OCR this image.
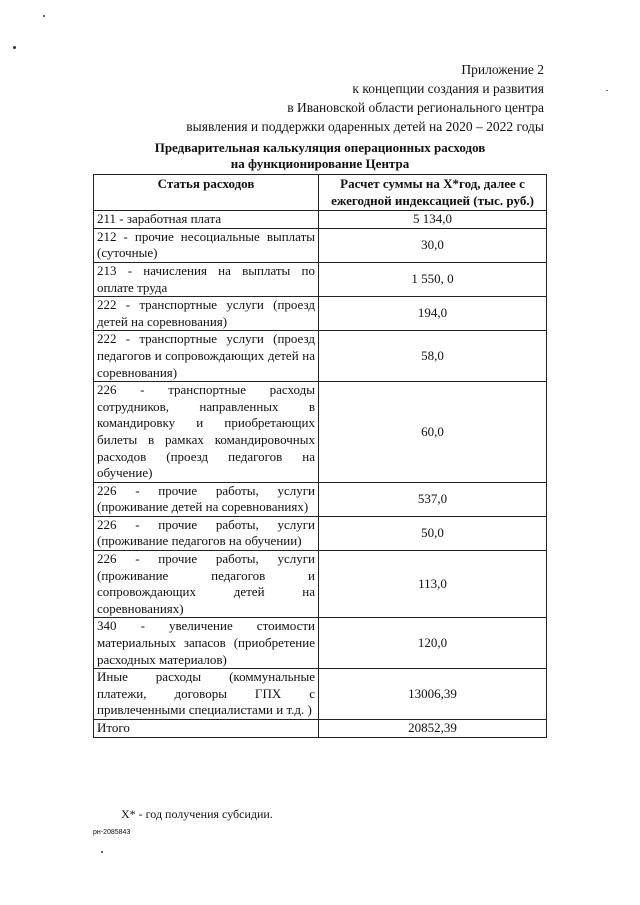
Приложение 2
к концепции создания и развития
в Ивановской области регионального центра
выявления и поддержки одаренных детей на 2020 – 2022 годы
Предварительная калькуляция операционных расходов
на функционирование Центра
Статья расходов	Расчет суммы на Х*год, далее с ежегодной индексацией (тыс. руб.)
211 - заработная плата	5 134,0
212 - прочие несоциальные выплаты (суточные)	30,0
213 - начисления на выплаты по оплате труда	1 550, 0
222 - транспортные услуги (проезд детей на соревнования)	194,0
222 - транспортные услуги (проезд педагогов и сопровождающих детей на соревнования)	58,0
226 - транспортные расходы сотрудников, направленных в командировку и приобретающих билеты в рамках командировочных расходов (проезд педагогов на обучение)	60,0
226 - прочие работы, услуги (проживание детей на соревнованиях)	537,0
226 - прочие работы, услуги (проживание педагогов на обучении)	50,0
226 - прочие работы, услуги (проживание педагогов и сопровождающих детей на соревнованиях)	113,0
340 - увеличение стоимости материальных запасов (приобретение расходных материалов)	120,0
Иные расходы (коммунальные платежи, договоры ГПХ с привлеченными специалистами и т.д. )	13006,39
Итого	20852,39
Х* - год получения субсидии.
рн-2085843
